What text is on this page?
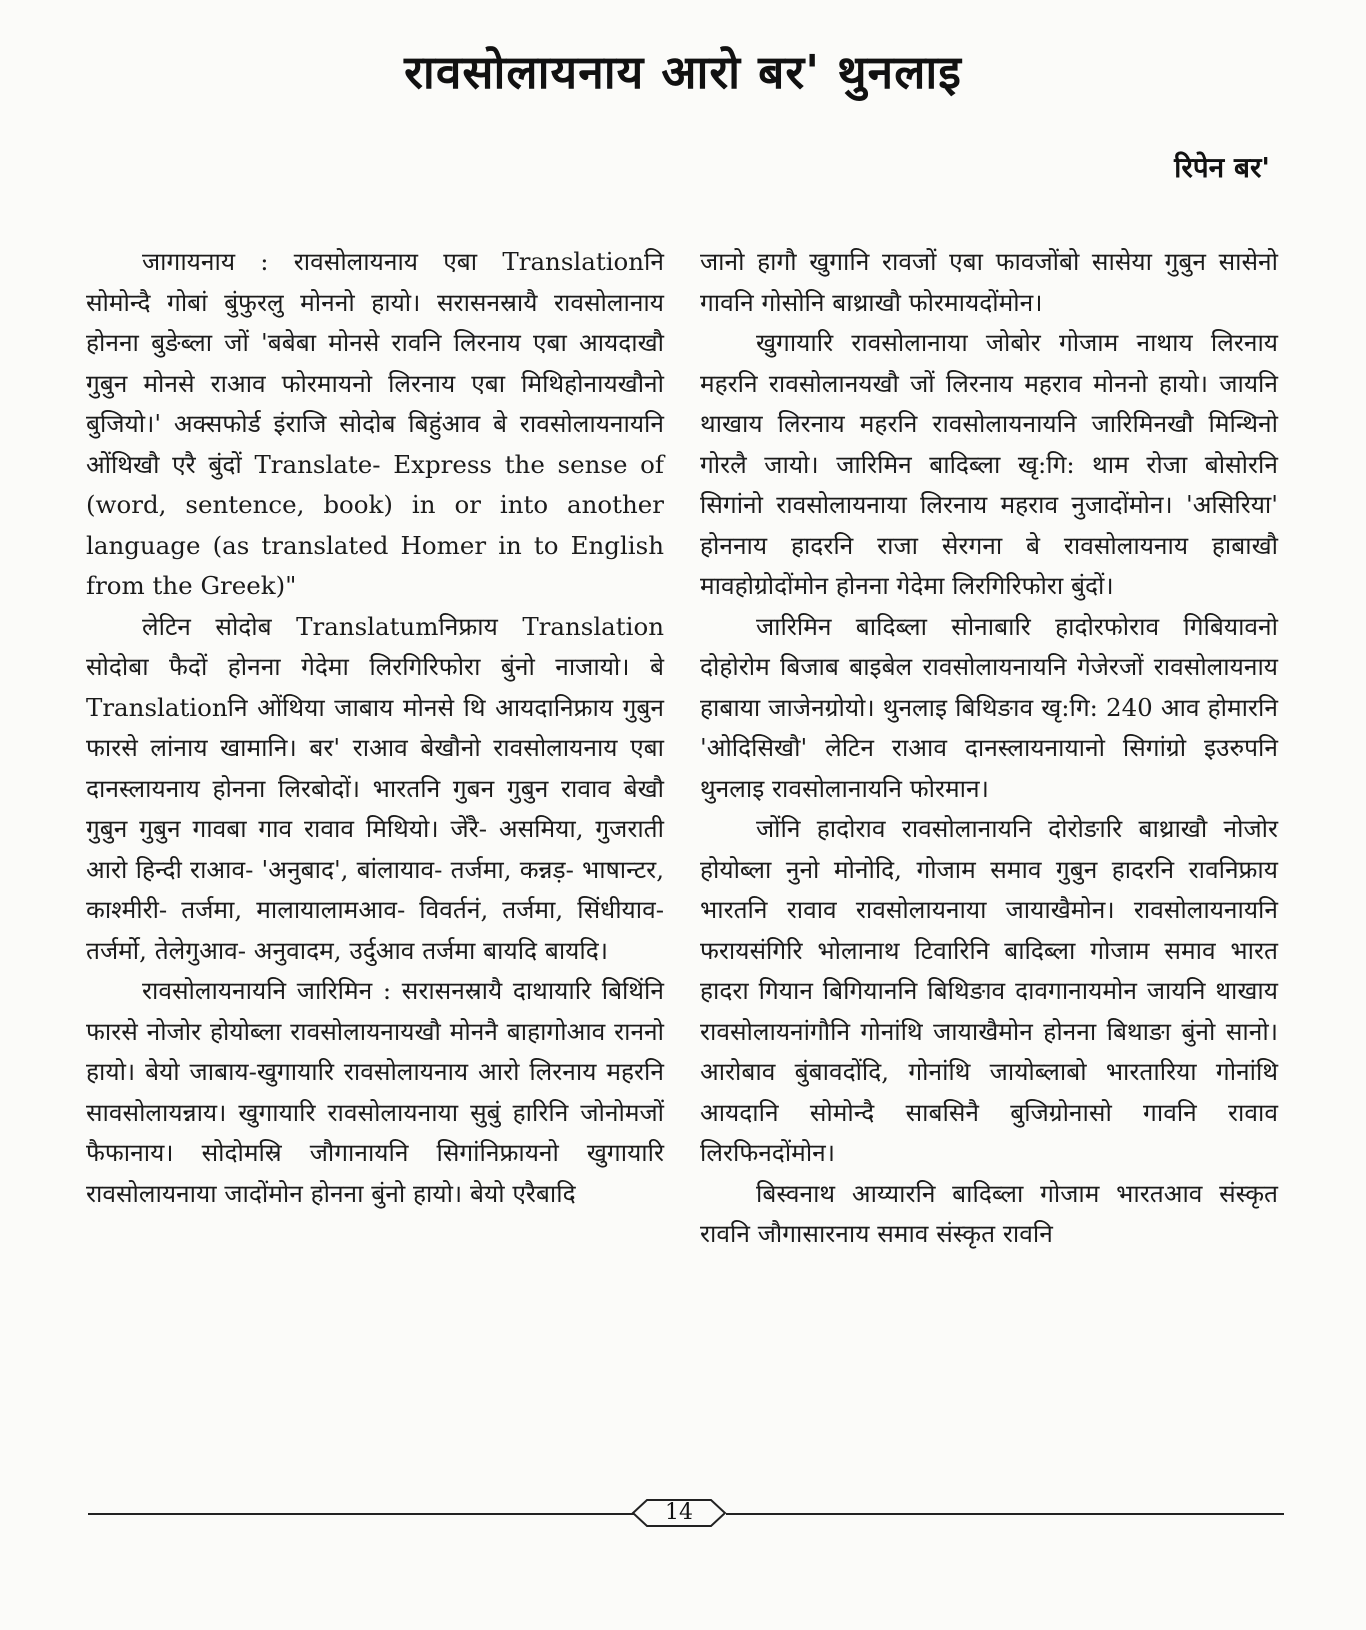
रावसोलायनाय आरो बर' थुनलाइ
रिपेन बर'

जागायनाय : रावसोलायनाय एबा Translationनि सोमोन्दै गोबां बुंफुरलु मोननो हायो। सरासनस्रायै रावसोलानाय होनना बुङेब्ला जों 'बबेबा मोनसे रावनि लिरनाय एबा आयदाखौ गुबुन मोनसे राआव फोरमायनो लिरनाय एबा मिथिहोनायखौनो बुजियो।' अक्सफोर्ड इंराजि सोदोब बिहुंआव बे रावसोलायनायनि ओंथिखौ एरै बुंदों Translate- Express the sense of (word, sentence, book) in or into another language (as translated Homer in to English from the Greek)"

लेटिन सोदोब Translatumनिफ्राय Translation सोदोबा फैदों होनना गेदेमा लिरगिरिफोरा बुंनो नाजायो। बे Translationनि ओंथिया जाबाय मोनसे थि आयदानिफ्राय गुबुन फारसे लांनाय खामानि। बर' राआव बेखौनो रावसोलायनाय एबा दानस्लायनाय होनना लिरबोदों। भारतनि गुबन गुबुन रावाव बेखौ गुबुन गुबुन गावबा गाव रावाव मिथियो। जेंरै- असमिया, गुजराती आरो हिन्दी राआव- 'अनुबाद', बांलायाव- तर्जमा, कन्नड़- भाषान्टर, काश्मीरी- तर्जमा, मालायालामआव- विवर्तनं, तर्जमा, सिंधीयाव-तर्जर्मो, तेलेगुआव- अनुवादम, उर्दुआव तर्जमा बायदि बायदि।

रावसोलायनायनि जारिमिन : सरासनस्रायै दाथायारि बिथिंनि फारसे नोजोर होयोब्ला रावसोलायनायखौ मोननै बाहागोआव राननो हायो। बेयो जाबाय-खुगायारि रावसोलायनाय आरो लिरनाय महरनि सावसोलायन्नाय। खुगायारि रावसोलायनाया सुबुं हारिनि जोनोमजों फैफानाय। सोदोमस्रि जौगानायनि सिगांनिफ्रायनो खुगायारि रावसोलायनाया जादोंमोन होनना बुंनो हायो। बेयो एरैबादि

जानो हागौ खुगानि रावजों एबा फावजोंबो सासेया गुबुन सासेनो गावनि गोसोनि बाथ्राखौ फोरमायदोंमोन।

खुगायारि रावसोलानाया जोबोर गोजाम नाथाय लिरनाय महरनि रावसोलानयखौ जों लिरनाय महराव मोननो हायो। जायनि थाखाय लिरनाय महरनि रावसोलायनायनि जारिमिनखौ मिन्थिनो गोरलै जायो। जारिमिन बादिब्ला खृ:गि: थाम रोजा बोसोरनि सिगांनो रावसोलायनाया लिरनाय महराव नुजादोंमोन। 'असिरिया' होननाय हादरनि राजा सेरगना बे रावसोलायनाय हाबाखौ मावहोग्रोदोंमोन होनना गेदेमा लिरगिरिफोरा बुंदों।

जारिमिन बादिब्ला सोनाबारि हादोरफोराव गिबियावनो दोहोरोम बिजाब बाइबेल रावसोलायनायनि गेजेरजों रावसोलायनाय हाबाया जाजेनग्रोयो। थुनलाइ बिथिङाव खृ:गि: 240 आव होमारनि 'ओदिसिखौ' लेटिन राआव दानस्लायनायानो सिगांग्रो इउरुपनि थुनलाइ रावसोलानायनि फोरमान।

जोंनि हादोराव रावसोलानायनि दोरोङारि बाथ्राखौ नोजोर होयोब्ला नुनो मोनोदि, गोजाम समाव गुबुन हादरनि रावनिफ्राय भारतनि रावाव रावसोलायनाया जायाखैमोन। रावसोलायनायनि फरायसंगिरि भोलानाथ टिवारिनि बादिब्ला गोजाम समाव भारत हादरा गियान बिगियाननि बिथिङाव दावगानायमोन जायनि थाखाय रावसोलायनांगौनि गोनांथि जायाखैमोन होनना बिथाङा बुंनो सानो। आरोबाव बुंबावदोंदि, गोनांथि जायोब्लाबो भारतारिया गोनांथि आयदानि सोमोन्दै साबसिनै बुजिग्रोनासो गावनि रावाव लिरफिनदोंमोन।

बिस्वनाथ आय्यारनि बादिब्ला गोजाम भारतआव संस्कृत रावनि जौगासारनाय समाव संस्कृत रावनि

14
